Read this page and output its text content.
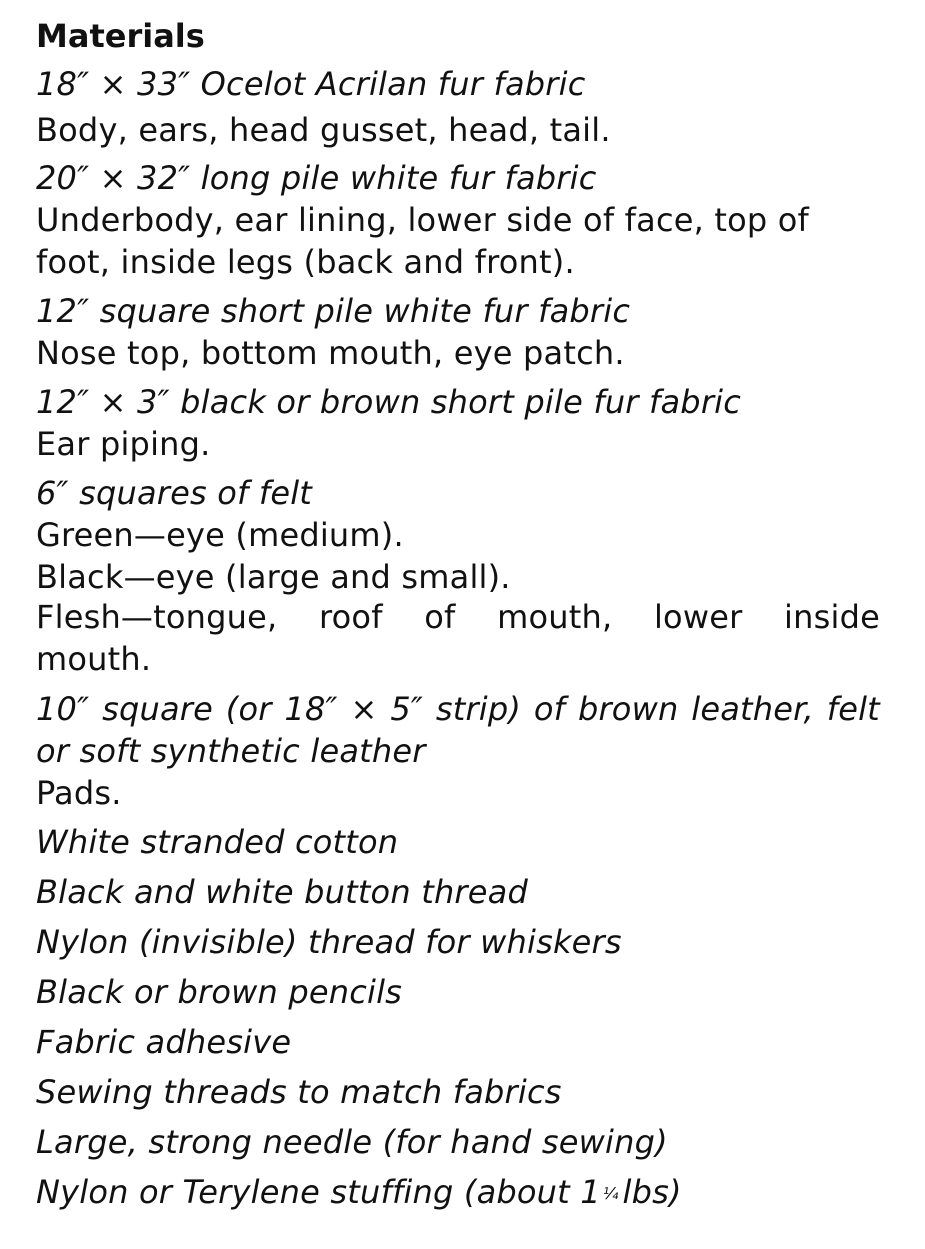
Materials
18″ × 33″ Ocelot Acrilan fur fabric
Body, ears, head gusset, head, tail.
20″ × 32″ long pile white fur fabric
Underbody, ear lining, lower side of face, top of
foot, inside legs (back and front).
12″ square short pile white fur fabric
Nose top, bottom mouth, eye patch.
12″ × 3″ black or brown short pile fur fabric
Ear piping.
6″ squares of felt
Green—eye (medium).
Black—eye (large and small).
Flesh—tongue, roof of mouth, lower inside
mouth.
10″ square (or 18″ × 5″ strip) of brown leather, felt
or soft synthetic leather
Pads.
White stranded cotton
Black and white button thread
Nylon (invisible) thread for whiskers
Black or brown pencils
Fabric adhesive
Sewing threads to match fabrics
Large, strong needle (for hand sewing)
Nylon or Terylene stuffing (about 1 ¼ lbs)
